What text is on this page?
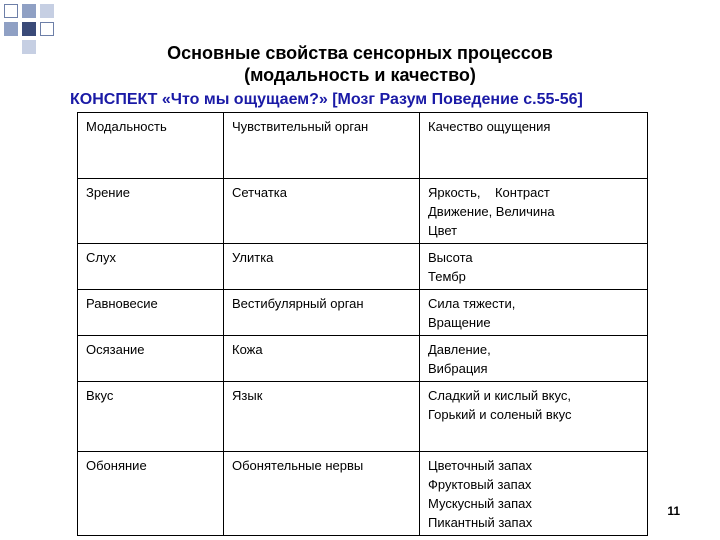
Основные свойства сенсорных процессов
(модальность и качество)
КОНСПЕКТ «Что мы ощущаем?» [Мозг Разум Поведение с.55-56]
Модальность	Чувствительный орган	Качество ощущения
Зрение	Сетчатка	Яркость,    Контраст
Движение, Величина
Цвет

Слух	Улитка	Высота
Тембр

Равновесие	Вестибулярный орган	Сила тяжести,
Вращение

Осязание	Кожа	Давление,
Вибрация

Вкус	Язык	Сладкий и кислый вкус,
Горький и соленый вкус

Обоняние	Обонятельные нервы	Цветочный запах
Фруктовый запах
Мускусный запах
Пикантный запах
11
